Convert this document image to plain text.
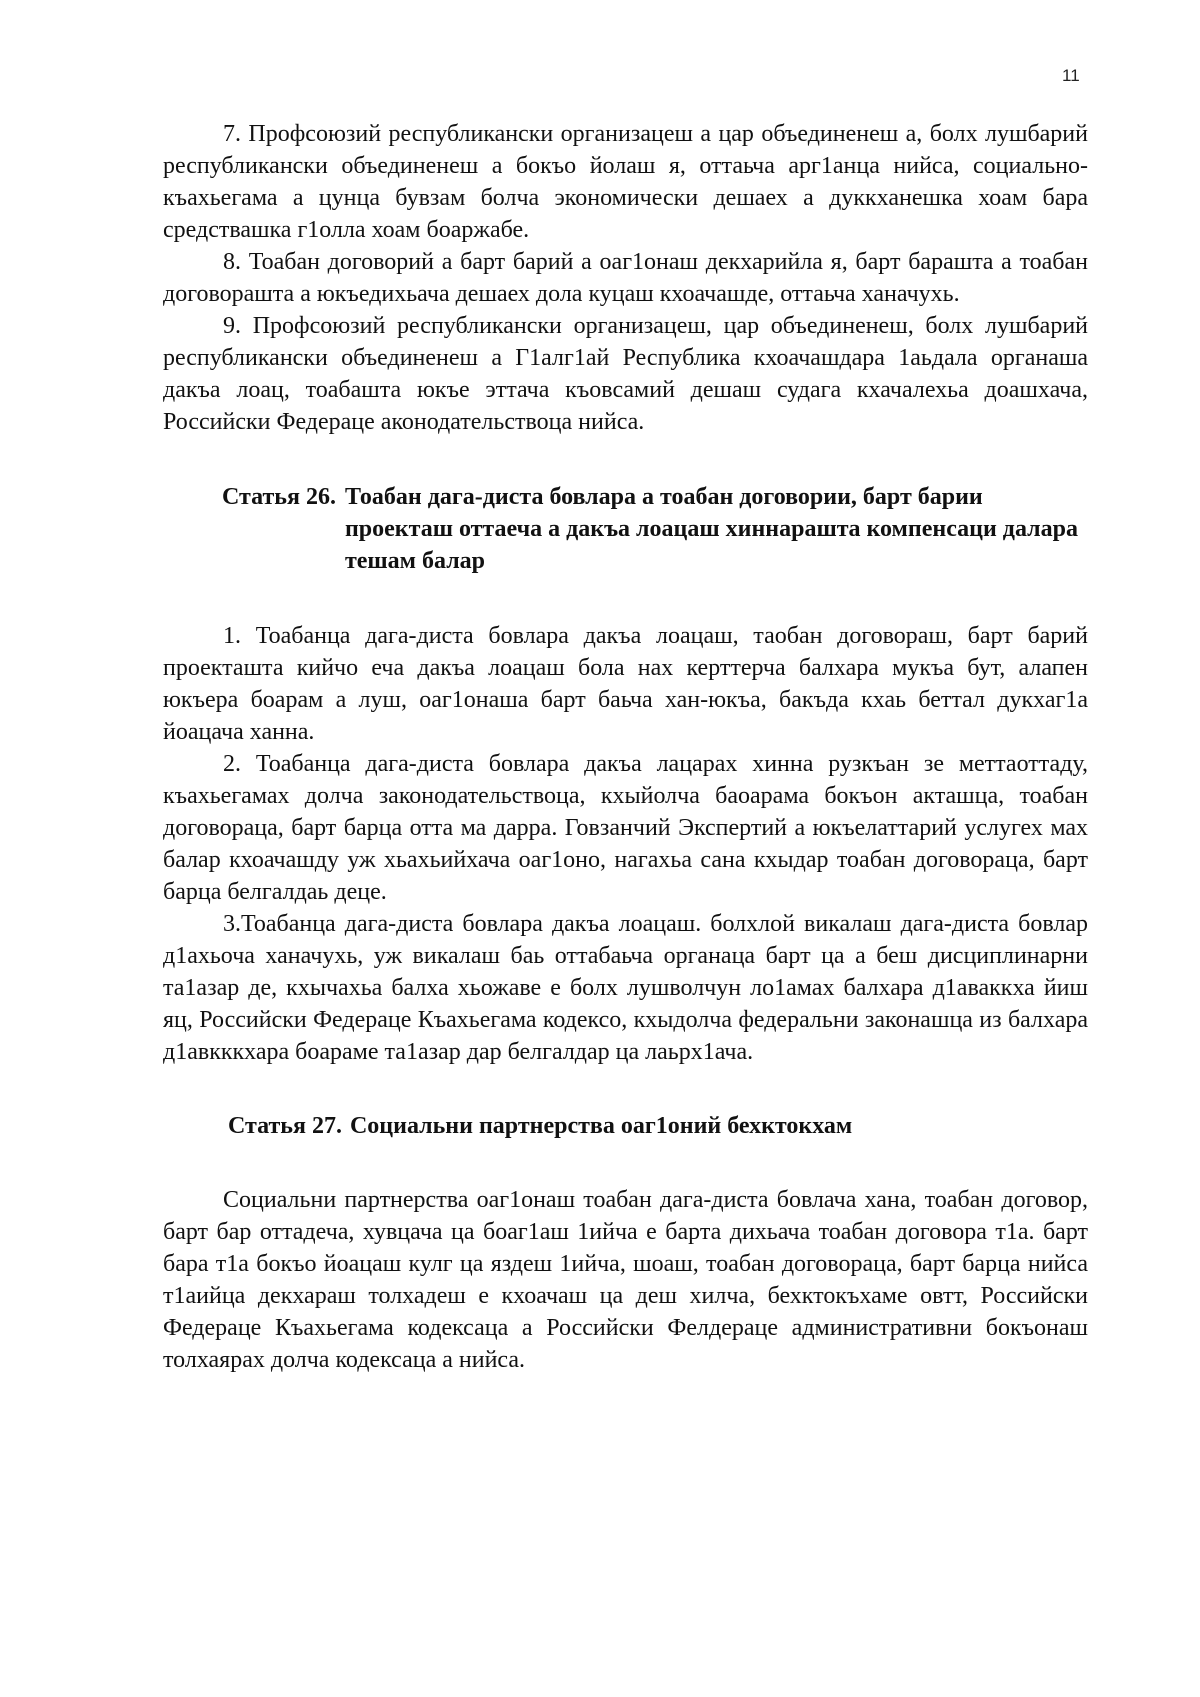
11

7. Профсоюзий республикански организацеш а цар объединенеш а, болх лушбарий республикански объединенеш а бокъо йолаш я, оттаьча арг1анца нийса, социально-къахьегама а цунца бувзам болча экономически дешаех а дуккханешка хоам бара средствашка г1олла хоам боаржабе.

8. Тоабан договорий а барт барий а оаг1онаш декхарийла я, барт бараштa а тоабан договорашта а юкъедихьача дешаех дола куцаш кхоачашде, оттаьча ханачухь.

9. Профсоюзий республикански организацеш, цар объединенеш, болх лушбарий республикански объединенеш а Г1алг1ай Республика кхоачашдара 1аьдала органаша дакъа лоац, тоабашта юкъе эттача къовсамий дешаш судага кхачалехьа доашхача, Российски Федераце аконодательствоца нийса.

Статья 26. Тоабан дага-диста бовлара а тоабан договории, барт барии проекташ оттаеча а дакъа лоацаш хиннараштa компенсаци далара тешам балар

1. Тоабанца дага-диста бовлара дакъа лоацаш, таобан договораш, барт барий проекташта кийчо еча дакъа лоацаш бола нах керттерча балхара мукъа бут, алапен юкъера боарам а луш, оаг1онаша барт баьча хан-юкъа, бакъда кхаь беттал дукхаг1а йоацача ханна.

2. Тоабанца дага-диста бовлара дакъа лацарах хинна рузкъан зе меттаоттаду, къахьегамах долча законодательствоца, кхыйолча баоарама бокъон акташца, тоабан договорaца, барт барца отта ма дарра. Говзанчий Экспертий а юкъелаттарий услугех мах балар кхоачашду уж хьахьийхача оаг1оно, нагахьа сана кхыдар тоабан договорaца, барт барца белгалдаь деце.

3.Тоабанца дага-диста бовлара дакъа лоацаш. болхлой викалаш дага-диста бовлар д1ахьоча ханачухь, уж викалаш баь оттабаьча органаца барт ца а беш дисциплинарни та1азар де, кхычахьа балха хьожаве е болх лушволчун ло1амах балхара д1аваккха йиш яц, Российски Федераце Къахьегама кодексо, кхыдолча федеральни законашца из балхара д1авкккхара боараме та1азар дар белгалдар ца лаьрх1ача.

Статья 27. Социальни партнерства оаг1оний бехктокхам

Социальни партнерства оаг1онаш тоабан дага-диста бовлача хана, тоабан договор, барт бар оттадеча, хувцача ца боаг1аш 1ийча е барта дихьача тоабан договора т1а. барт бара т1а бокъо йоацаш кулг ца яздеш 1ийча, шоаш, тоабан договорaца, барт барца нийса т1аийца декхараш толхадеш е кхоачаш ца деш хилча, бехктокъхаме овтт, Российски Федераце Къахьегама кодексаца а Российски Фелдераце административни бокъонаш толхаярах долча кодексаца а нийса.
